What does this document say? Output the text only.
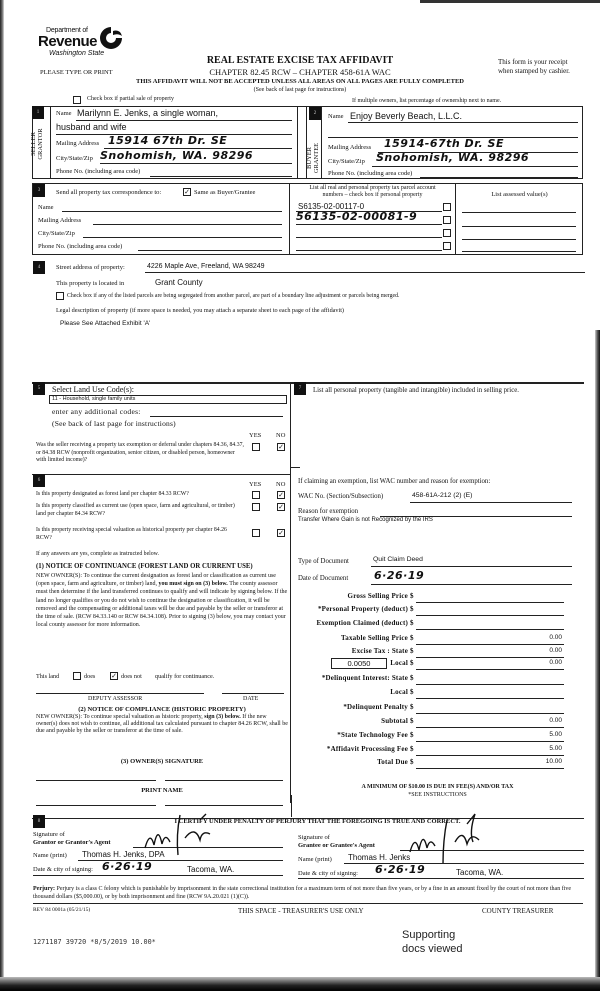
Department of
Revenue
Washington State
PLEASE TYPE OR PRINT
REAL ESTATE EXCISE TAX AFFIDAVIT
CHAPTER 82.45 RCW – CHAPTER 458-61A WAC
THIS AFFIDAVIT WILL NOT BE ACCEPTED UNLESS ALL AREAS ON ALL PAGES ARE FULLY COMPLETED
(See back of last page for instructions)
This form is your receipt
when stamped by cashier.
Check box if partial sale of property	If multiple owners, list percentage of ownership next to name.
1
SELLER GRANTOR
Name Marilynn E. Jenks, a single woman,
husband and wife
Mailing Address 15914 67th Dr. SE
City/State/Zip Snohomish, WA. 98296
Phone No. (including area code)
2
BUYER GRANTEE
Name Enjoy Beverly Beach, L.L.C.
Mailing Address 15914-67th Dr. SE
City/State/Zip Snohomish, WA. 98296
Phone No. (including area code)
3	Send all property tax correspondence to:	✓ Same as Buyer/Grantee
Name
Mailing Address
City/State/Zip
Phone No. (including area code)
List all real and personal property tax parcel account
numbers – check box if personal property	List assessed value(s)
S6135-02-00117-0
56135-02-00081-9
4	Street address of property:	4226 Maple Ave, Freeland, WA 98249
This property is located in	Grant County
Check box if any of the listed parcels are being segregated from another parcel, are part of a boundary line adjustment or parcels being merged.
Legal description of property (if more space is needed, you may attach a separate sheet to each page of the affidavit)
Please See Attached Exhibit 'A'
5	Select Land Use Code(s):
11 - Household, single family units
enter any additional codes:
(See back of last page for instructions)
YES NO
Was the seller receiving a property tax exemption or deferral under chapters 84.36, 84.37, or 84.38 RCW (nonprofit organization, senior citizen, or disabled person, homeowner with limited income)?
✓
6
YES NO
Is this property designated as forest land per chapter 84.33 RCW?	✓
Is this property classified as current use (open space, farm and agricultural, or timber) land per chapter 84.34 RCW?
✓
Is this property receiving special valuation as historical property per chapter 84.26 RCW?
✓
If any answers are yes, complete as instructed below.
(1) NOTICE OF CONTINUANCE (FOREST LAND OR CURRENT USE)
NEW OWNER(S): To continue the current designation as forest land or classification as current use (open space, farm and agriculture, or timber) land, you must sign on (3) below. The county assessor must then determine if the land transferred continues to qualify and will indicate by signing below. If the land no longer qualifies or you do not wish to continue the designation or classification, it will be removed and the compensating or additional taxes will be due and payable by the seller or transferor at the time of sale. (RCW 84.33.140 or RCW 84.34.108). Prior to signing (3) below, you may contact your local county assessor for more information.
This land	does ✓ does not qualify for continuance.
DEPUTY ASSESSOR	DATE
(2) NOTICE OF COMPLIANCE (HISTORIC PROPERTY)
NEW OWNER(S): To continue special valuation as historic property, sign (3) below. If the new owner(s) does not wish to continue, all additional tax calculated pursuant to chapter 84.26 RCW, shall be due and payable by the seller or transferor at the time of sale.
(3) OWNER(S) SIGNATURE
PRINT NAME
7	List all personal property (tangible and intangible) included in selling price.
If claiming an exemption, list WAC number and reason for exemption:
WAC No. (Section/Subsection)	458-61A-212 (2) (E)
Reason for exemption
Transfer Where Gain is not Recognized by the IRS
Type of Document	Quit Claim Deed
Date of Document 6·26·19
Gross Selling Price $
*Personal Property (deduct) $
Exemption Claimed (deduct) $
Taxable Selling Price $	0.00
Excise Tax : State $	0.00
0.0050	Local $	0.00
*Delinquent Interest: State $
Local $
*Delinquent Penalty $
Subtotal $	0.00
*State Technology Fee $	5.00
*Affidavit Processing Fee $	5.00
Total Due $	10.00
A MINIMUM OF $10.00 IS DUE IN FEE(S) AND/OR TAX
*SEE INSTRUCTIONS
8	I CERTIFY UNDER PENALTY OF PERJURY THAT THE FOREGOING IS TRUE AND CORRECT.
Signature of
Grantor or Grantor's Agent
Name (print) Thomas H. Jenks, DPA
Date & city of signing: 6·26·19	Tacoma, WA.
Signature of
Grantee or Grantee's Agent
Name (print) Thomas H. Jenks
Date & city of signing: 6·26·19	Tacoma, WA.
Perjury: Perjury is a class C felony which is punishable by imprisonment in the state correctional institution for a maximum term of not more than five years, or by a fine in an amount fixed by the court of not more than five thousand dollars ($5,000.00), or by both imprisonment and fine (RCW 9A.20.021 (1)(C)).
REV 84 0001a (05/21/15)	THIS SPACE - TREASURER'S USE ONLY	COUNTY TREASURER
1271187 39720 *8/5/2019 10.00*
Supporting
docs viewed
